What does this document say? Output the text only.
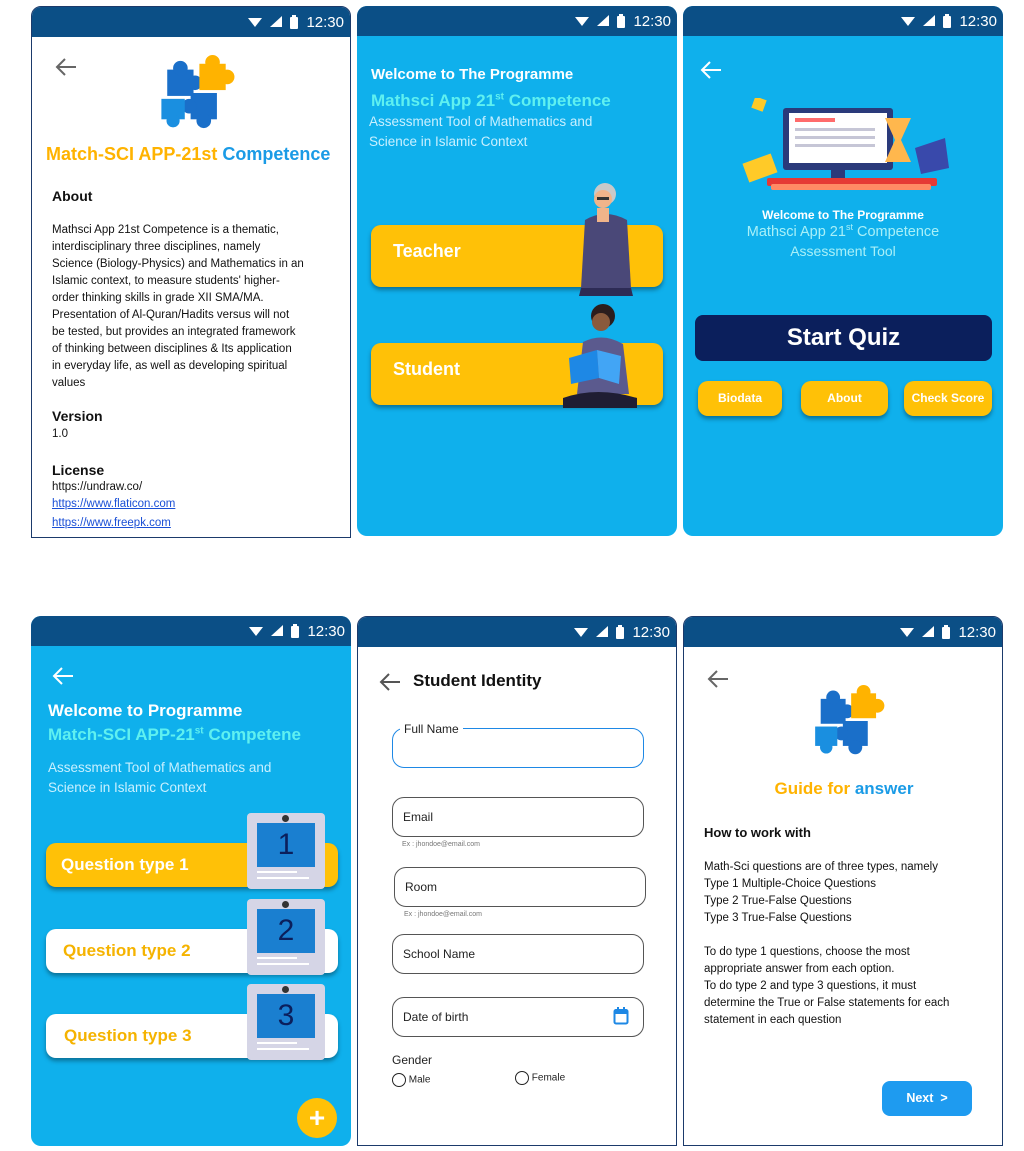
12:30
Match-SCI APP-21st Competence
About
Mathsci App 21st Competence is a thematic,
interdisciplinary three disciplines, namely
Science (Biology-Physics) and Mathematics in an
Islamic context, to measure students' higher-
order thinking skills in grade XII SMA/MA.
Presentation of Al-Quran/Hadits versus will not
be tested, but provides an integrated framework
of thinking between disciplines & Its application
in everyday life, as well as developing spiritual
values
Version
1.0
License
https://undraw.co/
https://www.flaticon.com
https://www.freepk.com
12:30
Welcome to The Programme
Mathsci App 21st Competence
Assessment Tool of Mathematics and
Science in Islamic Context
Teacher
Student
12:30
Welcome to The Programme
Mathsci App 21st Competence
Assessment Tool
Start Quiz
Biodata	About	Check Score
12:30
Welcome to Programme
Match-SCI APP-21st Competene
Assessment Tool of Mathematics and
Science in Islamic Context
Question type 1
1
Question type 2
2
Question type 3
3
+
12:30
Student Identity
Full Name
Email
Ex : jhondoe@email.com
Room
Ex : jhondoe@email.com
School Name
Date of birth
Gender
Male	Female
12:30
Guide for answer
How to work with
Math-Sci questions are of three types, namely
Type 1 Multiple-Choice Questions
Type 2 True-False Questions
Type 3 True-False Questions
To do type 1 questions, choose the most
appropriate answer from each option.
To do type 2 and type 3 questions, it must
determine the True or False statements for each
statement in each question
Next  >
